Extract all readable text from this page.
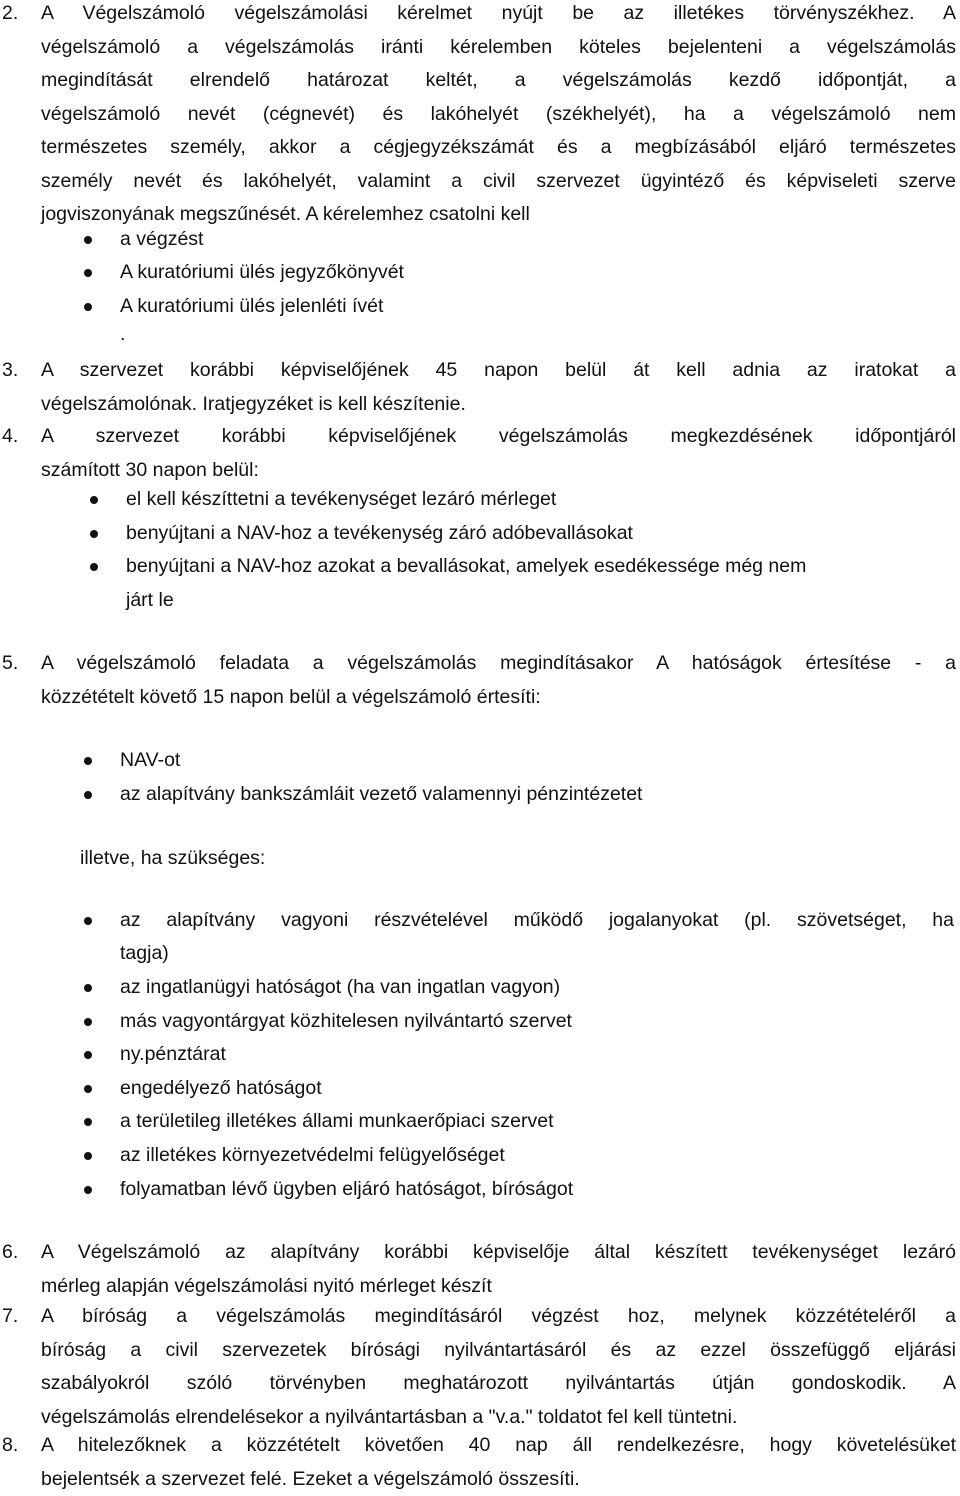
2. A Végelszámoló végelszámolási kérelmet nyújt be az illetékes törvényszékhez. A
végelszámoló a végelszámolás iránti kérelemben köteles bejelenteni a végelszámolás
megindítását elrendelő határozat keltét, a végelszámolás kezdő időpontját, a
végelszámoló nevét (cégnevét) és lakóhelyét (székhelyét), ha a végelszámoló nem
természetes személy, akkor a cégjegyzékszámát és a megbízásából eljáró természetes
személy nevét és lakóhelyét, valamint a civil szervezet ügyintéző és képviseleti szerve
jogviszonyának megszűnését. A kérelemhez csatolni kell
a végzést
A kuratóriumi ülés jegyzőkönyvét
A kuratóriumi ülés jelenléti ívét
.
3. A szervezet korábbi képviselőjének 45 napon belül át kell adnia az iratokat a
végelszámolónak. Iratjegyzéket is kell készítenie.
4. A szervezet korábbi képviselőjének végelszámolás megkezdésének időpontjáról
számított 30 napon belül:
el kell készíttetni a tevékenységet lezáró mérleget
benyújtani a NAV-hoz a tevékenység záró adóbevallásokat
benyújtani a NAV-hoz azokat a bevallásokat, amelyek esedékessége még nem
járt le
5. A végelszámoló feladata a végelszámolás megindításakor A hatóságok értesítése - a
közzétételt követő 15 napon belül a végelszámoló értesíti:
NAV-ot
az alapítvány bankszámláit vezető valamennyi pénzintézetet
illetve, ha szükséges:
az alapítvány vagyoni részvételével működő jogalanyokat (pl. szövetséget, ha
tagja)
az ingatlanügyi hatóságot (ha van ingatlan vagyon)
más vagyontárgyat közhitelesen nyilvántartó szervet
ny.pénztárat
engedélyező hatóságot
a területileg illetékes állami munkaerőpiaci szervet
az illetékes környezetvédelmi felügyelőséget
folyamatban lévő ügyben eljáró hatóságot, bíróságot
6. A Végelszámoló az alapítvány korábbi képviselője által készített tevékenységet lezáró
mérleg alapján végelszámolási nyitó mérleget készít
7. A bíróság a végelszámolás megindításáról végzést hoz, melynek közzétételéről a
bíróság a civil szervezetek bírósági nyilvántartásáról és az ezzel összefüggő eljárási
szabályokról szóló törvényben meghatározott nyilvántartás útján gondoskodik. A
végelszámolás elrendelésekor a nyilvántartásban a "v.a." toldatot fel kell tüntetni.
8. A hitelezőknek a közzétételt követően 40 nap áll rendelkezésre, hogy követelésüket
bejelentsék a szervezet felé. Ezeket a végelszámoló összesíti.
